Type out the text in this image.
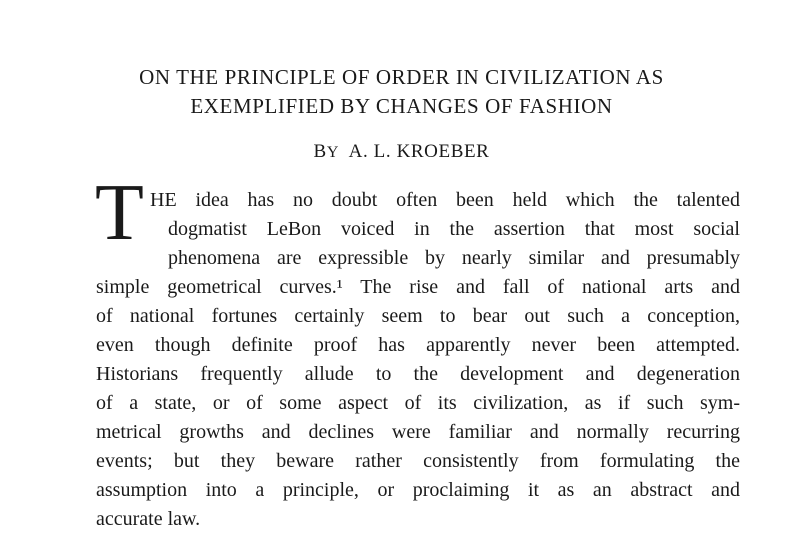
ON THE PRINCIPLE OF ORDER IN CIVILIZATION AS
EXEMPLIFIED BY CHANGES OF FASHION
BY A. L. KROEBER
T HE idea has no doubt often been held which the talented
dogmatist LeBon voiced in the assertion that most social
phenomena are expressible by nearly similar and presumably
simple geometrical curves.¹ The rise and fall of national arts and
of national fortunes certainly seem to bear out such a conception,
even though definite proof has apparently never been attempted.
Historians frequently allude to the development and degeneration
of a state, or of some aspect of its civilization, as if such sym-
metrical growths and declines were familiar and normally recurring
events; but they beware rather consistently from formulating the
assumption into a principle, or proclaiming it as an abstract and
accurate law.
